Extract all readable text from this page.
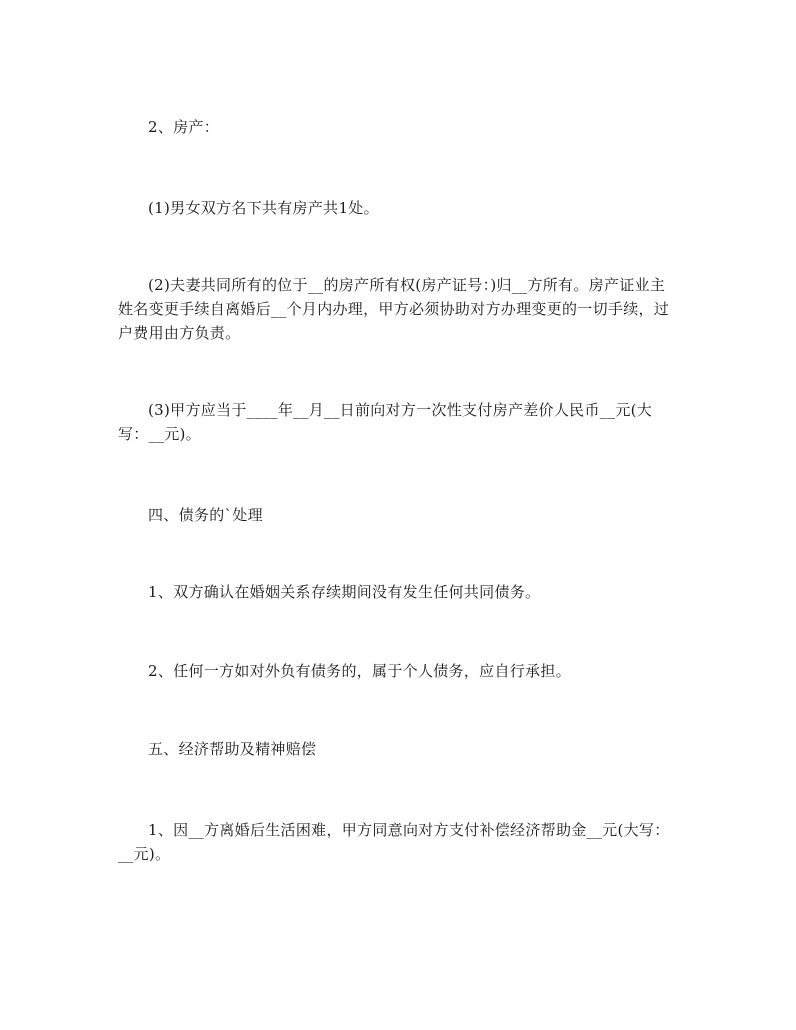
2、房产：

(1)男女双方名下共有房产共1处。

(2)夫妻共同所有的位于__的房产所有权(房产证号：)归__方所有。房产证业主姓名变更手续自离婚后__个月内办理，甲方必须协助对方办理变更的一切手续，过户费用由方负责。

(3)甲方应当于____年__月__日前向对方一次性支付房产差价人民币__元(大写：__元)。

四、债务的`处理

1、双方确认在婚姻关系存续期间没有发生任何共同债务。

2、任何一方如对外负有债务的，属于个人债务，应自行承担。

五、经济帮助及精神赔偿

1、因__方离婚后生活困难，甲方同意向对方支付补偿经济帮助金__元(大写：__元)。
